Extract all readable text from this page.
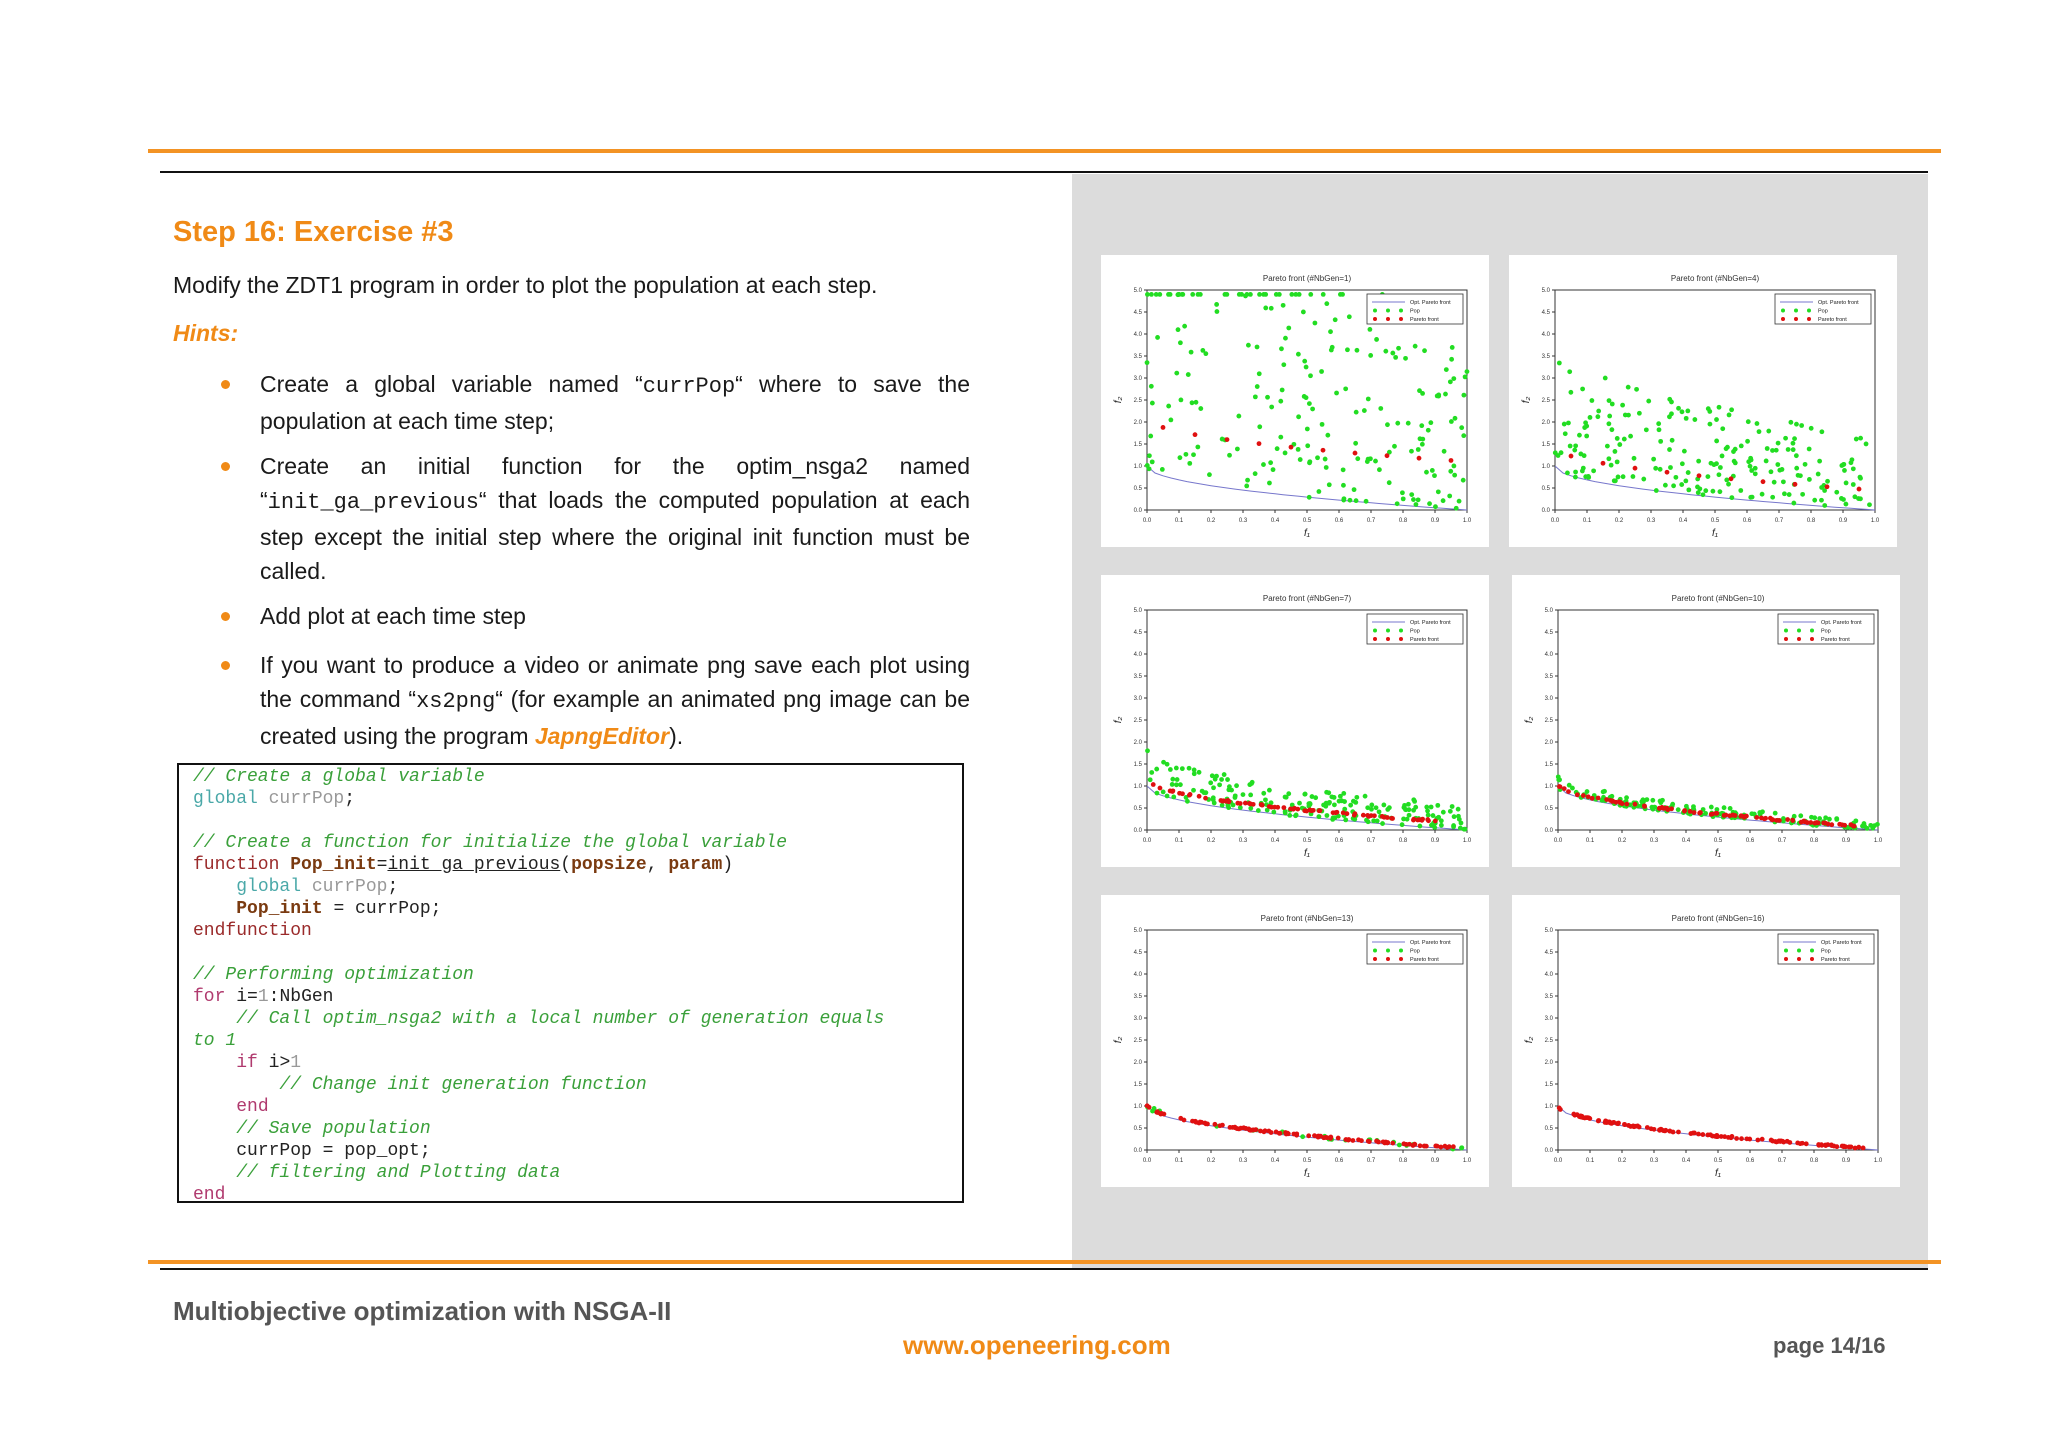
Step 16: Exercise #3

Modify the ZDT1 program in order to plot the population at each step.

Hints:

Create a global variable named “currPop“ where to save the population at each time step;
Create an initial function for the optim_nsga2 named “init_ga_previous“ that loads the computed population at each step except the initial step where the original init function must be called.
Add plot at each time step
If you want to produce a video or animate png save each plot using the command “xs2png“ (for example an animated png image can be created using the program JapngEditor).
// Create a global variable
global currPop;

// Create a function for initialize the global variable
function Pop_init=init_ga_previous(popsize, param)
global currPop;
Pop_init = currPop;
endfunction

// Performing optimization
for i=1:NbGen
// Call optim_nsga2 with a local number of generation equals
to 1
if i>1
// Change init generation function
end
// Save population
currPop = pop_opt;
// filtering and Plotting data
end
Pareto front (#NbGen=1)
0.0	0.1	0.2	0.3	0.4	0.5	0.6	0.7	0.8	0.9	1.0
0.0
0.5
1.0
1.5
2.0
2.5
3.0
3.5
4.0
4.5
5.0
f₁
f₂
Opt. Pareto front
Pop
Pareto front
Pareto front (#NbGen=4)
0.0	0.1	0.2	0.3	0.4	0.5	0.6	0.7	0.8	0.9	1.0
0.0
0.5
1.0
1.5
2.0
2.5
3.0
3.5
4.0
4.5
5.0
f₁
f₂
Opt. Pareto front
Pop
Pareto front
Pareto front (#NbGen=7)
0.0	0.1	0.2	0.3	0.4	0.5	0.6	0.7	0.8	0.9	1.0
0.0
0.5
1.0
1.5
2.0
2.5
3.0
3.5
4.0
4.5
5.0
f₁
f₂
Opt. Pareto front
Pop
Pareto front
Pareto front (#NbGen=10)
0.0	0.1	0.2	0.3	0.4	0.5	0.6	0.7	0.8	0.9	1.0
0.0
0.5
1.0
1.5
2.0
2.5
3.0
3.5
4.0
4.5
5.0
f₁
f₂
Opt. Pareto front
Pop
Pareto front
Pareto front (#NbGen=13)
0.0	0.1	0.2	0.3	0.4	0.5	0.6	0.7	0.8	0.9	1.0
0.0
0.5
1.0
1.5
2.0
2.5
3.0
3.5
4.0
4.5
5.0
f₁
f₂
Opt. Pareto front
Pop
Pareto front
Pareto front (#NbGen=16)
0.0	0.1	0.2	0.3	0.4	0.5	0.6	0.7	0.8	0.9	1.0
0.0
0.5
1.0
1.5
2.0
2.5
3.0
3.5
4.0
4.5
5.0
f₁
f₂
Opt. Pareto front
Pop
Pareto front

Multiobjective optimization with NSGA-II

www.openeering.com	page 14/16
